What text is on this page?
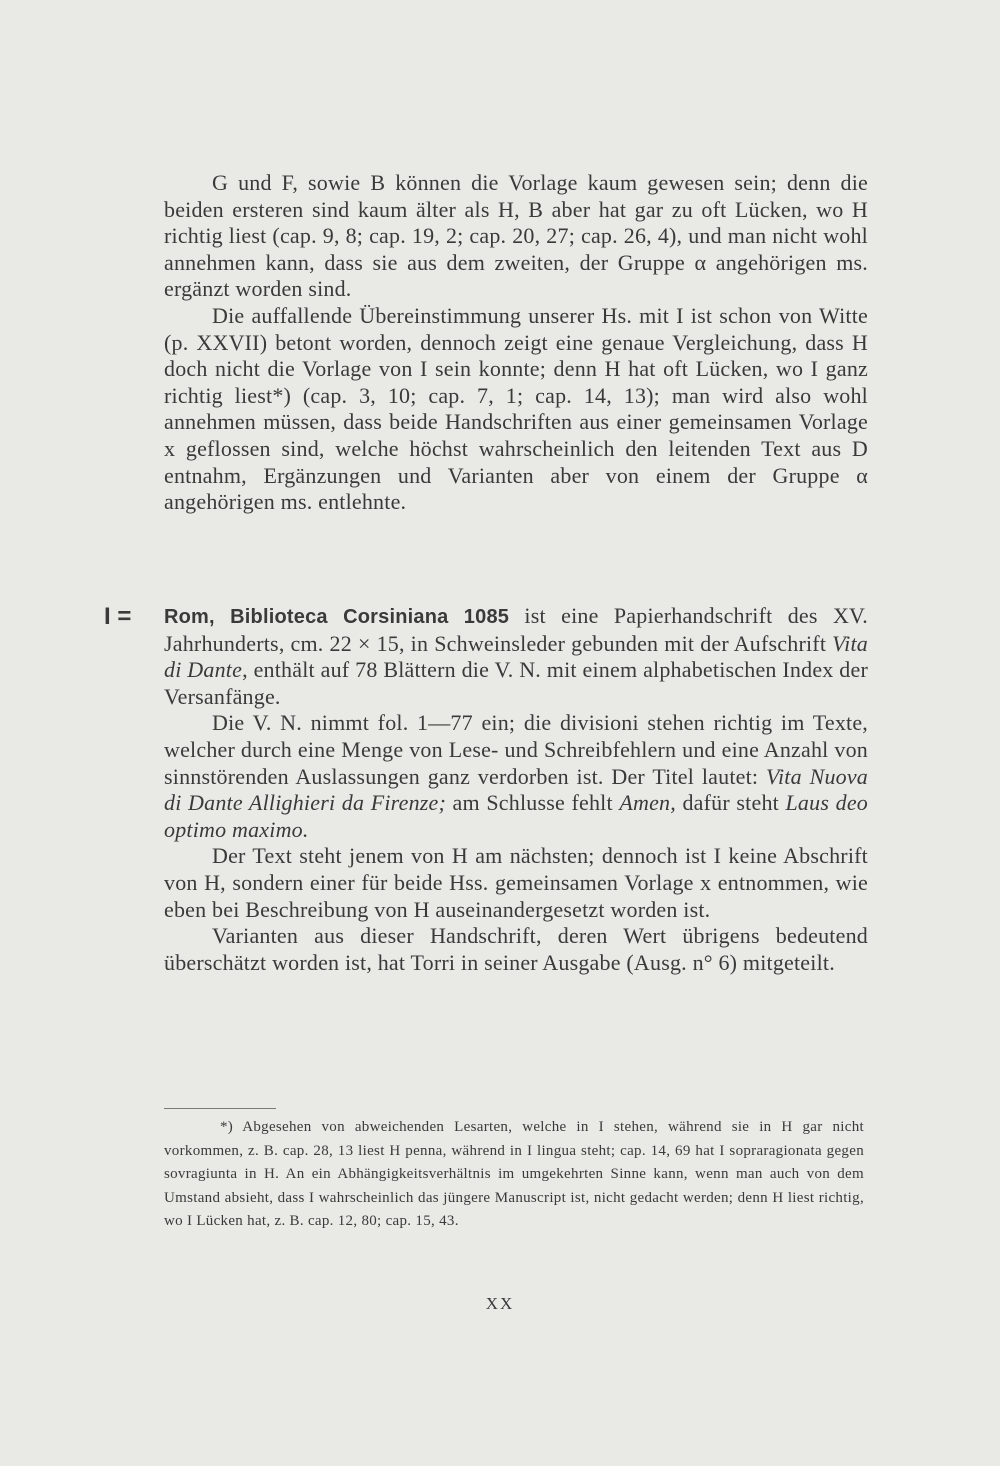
G und F, sowie B können die Vorlage kaum gewesen sein; denn die beiden ersteren sind kaum älter als H, B aber hat gar zu oft Lücken, wo H richtig liest (cap. 9, 8; cap. 19, 2; cap. 20, 27; cap. 26, 4), und man nicht wohl annehmen kann, dass sie aus dem zweiten, der Gruppe α angehörigen ms. ergänzt worden sind.

Die auffallende Übereinstimmung unserer Hs. mit I ist schon von Witte (p. XXVII) betont worden, dennoch zeigt eine genaue Vergleichung, dass H doch nicht die Vorlage von I sein konnte; denn H hat oft Lücken, wo I ganz richtig liest*) (cap. 3, 10; cap. 7, 1; cap. 14, 13); man wird also wohl annehmen müssen, dass beide Handschriften aus einer gemeinsamen Vorlage x geflossen sind, welche höchst wahrscheinlich den leitenden Text aus D entnahm, Ergänzungen und Varianten aber von einem der Gruppe α angehörigen ms. entlehnte.

I = Rom, Biblioteca Corsiniana 1085 ist eine Papierhandschrift des XV. Jahrhunderts, cm. 22 × 15, in Schweinsleder gebunden mit der Aufschrift Vita di Dante, enthält auf 78 Blättern die V. N. mit einem alphabetischen Index der Versanfänge.

Die V. N. nimmt fol. 1—77 ein; die divisioni stehen richtig im Texte, welcher durch eine Menge von Lese- und Schreibfehlern und eine Anzahl von sinnstörenden Auslassungen ganz verdorben ist. Der Titel lautet: Vita Nuova di Dante Allighieri da Firenze; am Schlusse fehlt Amen, dafür steht Laus deo optimo maximo.

Der Text steht jenem von H am nächsten; dennoch ist I keine Abschrift von H, sondern einer für beide Hss. gemeinsamen Vorlage x entnommen, wie eben bei Beschreibung von H auseinandergesetzt worden ist.

Varianten aus dieser Handschrift, deren Wert übrigens bedeutend überschätzt worden ist, hat Torri in seiner Ausgabe (Ausg. n° 6) mitgeteilt.

*) Abgesehen von abweichenden Lesarten, welche in I stehen, während sie in H gar nicht vorkommen, z. B. cap. 28, 13 liest H penna, während in I lingua steht; cap. 14, 69 hat I sopraragionata gegen sovragiunta in H. An ein Abhängigkeitsverhältnis im umgekehrten Sinne kann, wenn man auch von dem Umstand absieht, dass I wahrscheinlich das jüngere Manuscript ist, nicht gedacht werden; denn H liest richtig, wo I Lücken hat, z. B. cap. 12, 80; cap. 15, 43.

XX
